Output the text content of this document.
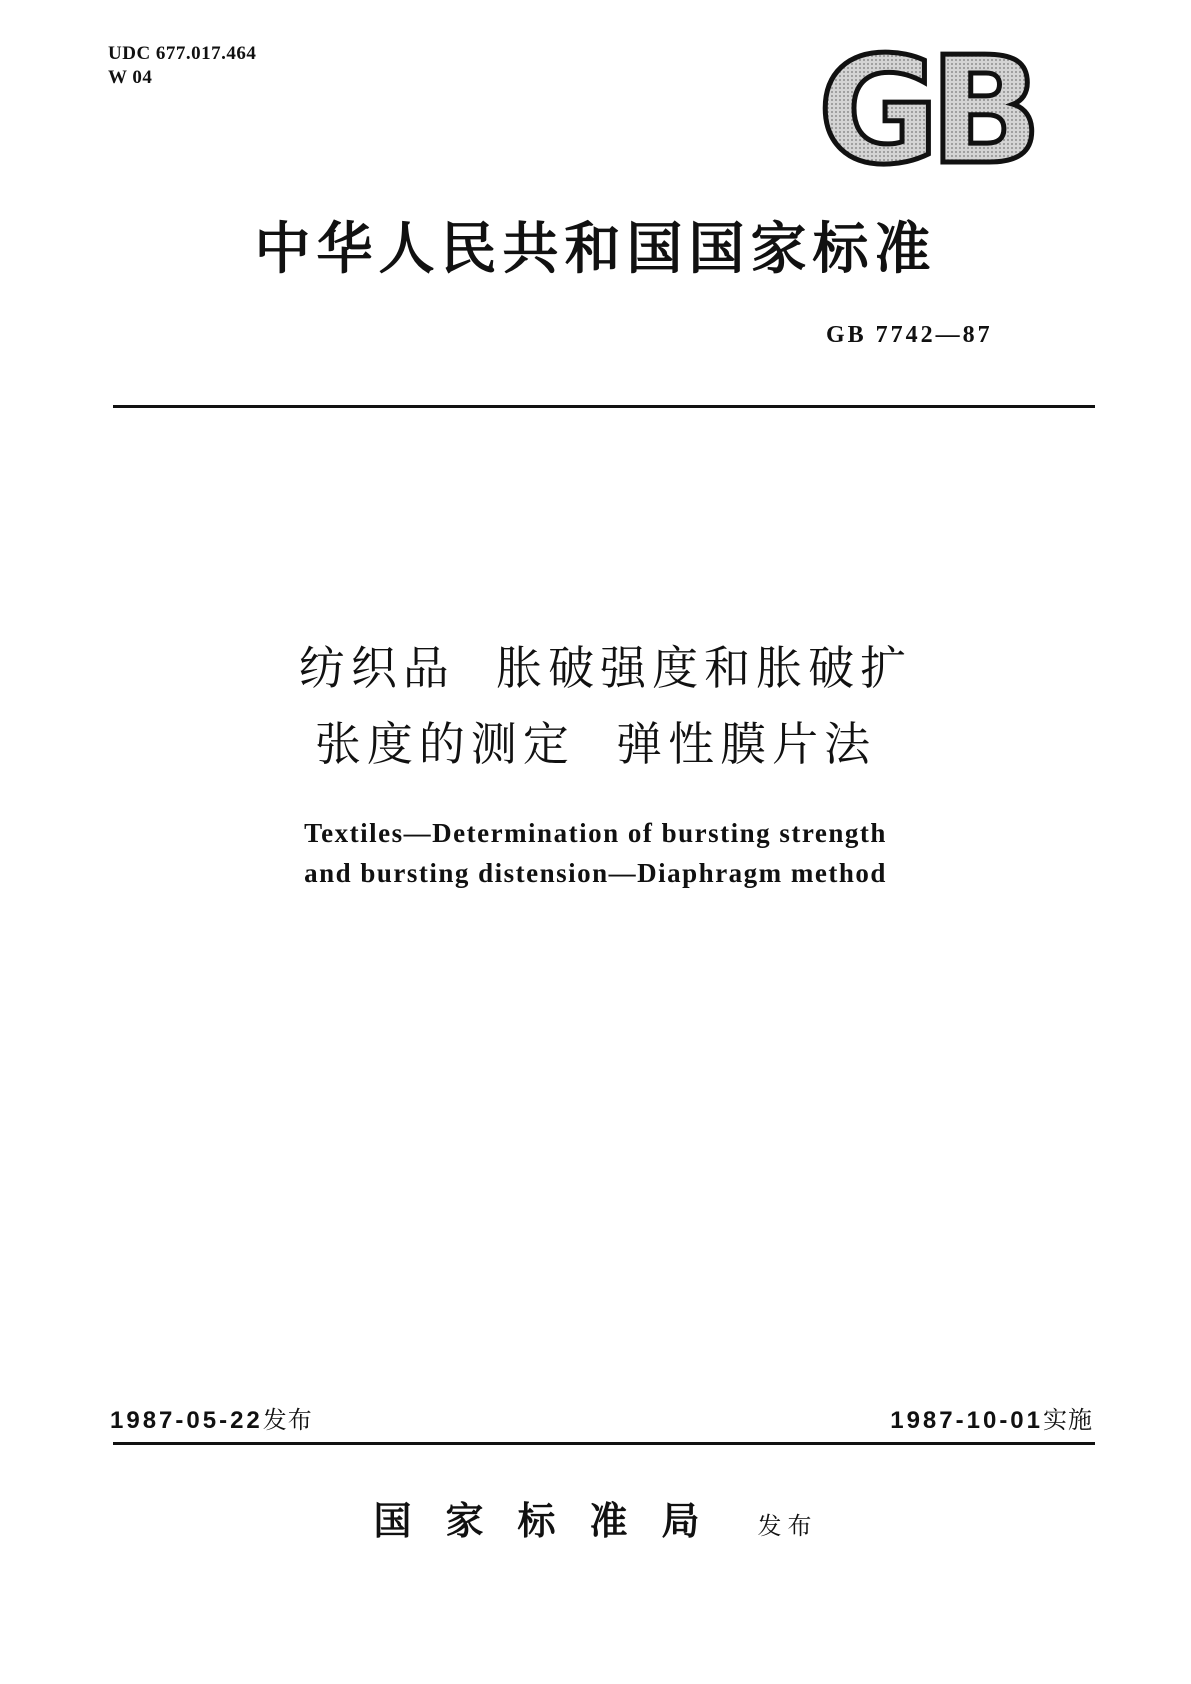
UDC 677.017.464
W 04	GB
中华人民共和国国家标准
GB 7742—87
纺织品  胀破强度和胀破扩
张度的测定  弹性膜片法
Textiles—Determination of bursting strength
and bursting distension—Diaphragm method
1987-05-22发布	1987-10-01实施
国家标准局 发布
